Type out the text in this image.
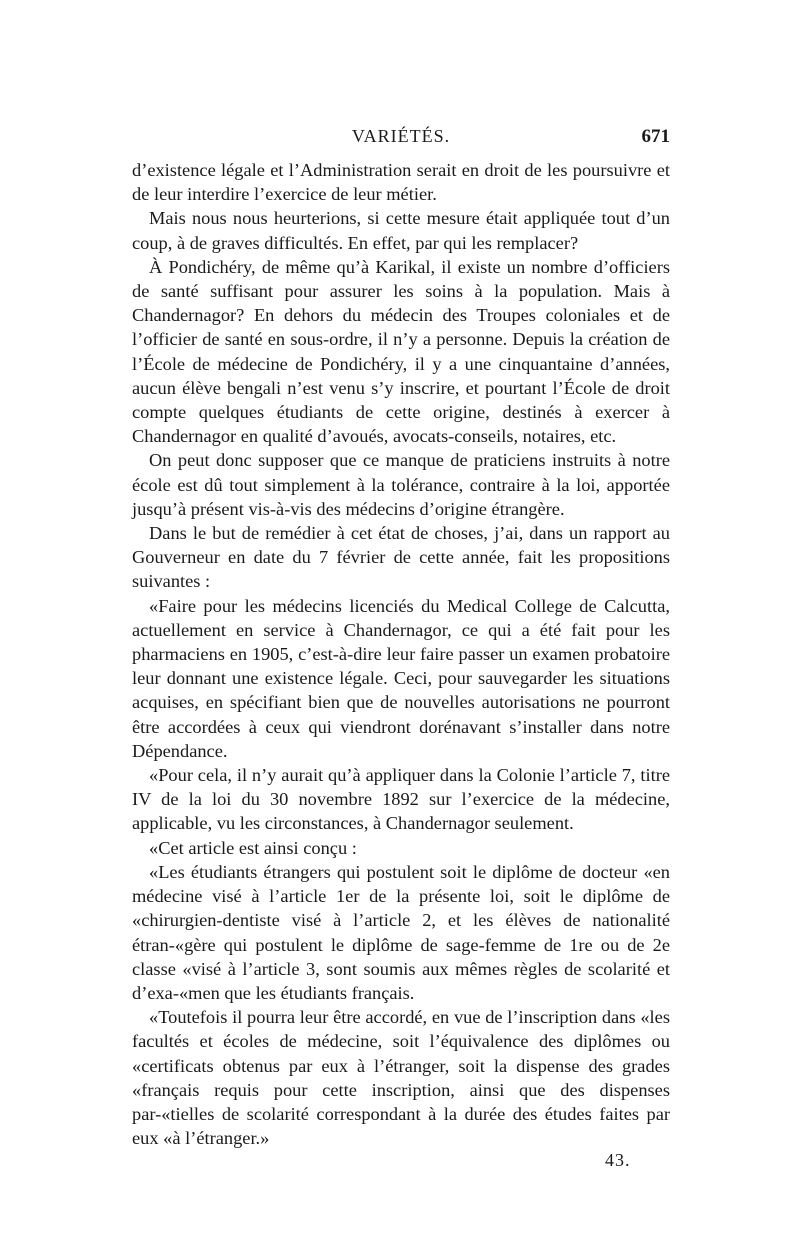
VARIÉTÉS.	671

d’existence légale et l’Administration serait en droit de les poursuivre et de leur interdire l’exercice de leur métier.

Mais nous nous heurterions, si cette mesure était appliquée tout d’un coup, à de graves difficultés. En effet, par qui les remplacer?

À Pondichéry, de même qu’à Karikal, il existe un nombre d’officiers de santé suffisant pour assurer les soins à la population. Mais à Chandernagor? En dehors du médecin des Troupes coloniales et de l’officier de santé en sous-ordre, il n’y a personne. Depuis la création de l’École de médecine de Pondichéry, il y a une cinquantaine d’années, aucun élève bengali n’est venu s’y inscrire, et pourtant l’École de droit compte quelques étudiants de cette origine, destinés à exercer à Chandernagor en qualité d’avoués, avocats-conseils, notaires, etc.

On peut donc supposer que ce manque de praticiens instruits à notre école est dû tout simplement à la tolérance, contraire à la loi, apportée jusqu’à présent vis-à-vis des médecins d’origine étrangère.

Dans le but de remédier à cet état de choses, j’ai, dans un rapport au Gouverneur en date du 7 février de cette année, fait les propositions suivantes :

«Faire pour les médecins licenciés du Medical College de Calcutta, actuellement en service à Chandernagor, ce qui a été fait pour les pharmaciens en 1905, c’est-à-dire leur faire passer un examen probatoire leur donnant une existence légale. Ceci, pour sauvegarder les situations acquises, en spécifiant bien que de nouvelles autorisations ne pourront être accordées à ceux qui viendront dorénavant s’installer dans notre Dépendance.

«Pour cela, il n’y aurait qu’à appliquer dans la Colonie l’article 7, titre IV de la loi du 30 novembre 1892 sur l’exercice de la médecine, applicable, vu les circonstances, à Chandernagor seulement.

«Cet article est ainsi conçu :

«Les étudiants étrangers qui postulent soit le diplôme de docteur «en médecine visé à l’article 1er de la présente loi, soit le diplôme de «chirurgien-dentiste visé à l’article 2, et les élèves de nationalité étran-«gère qui postulent le diplôme de sage-femme de 1re ou de 2e classe «visé à l’article 3, sont soumis aux mêmes règles de scolarité et d’exa-«men que les étudiants français.

«Toutefois il pourra leur être accordé, en vue de l’inscription dans «les facultés et écoles de médecine, soit l’équivalence des diplômes ou «certificats obtenus par eux à l’étranger, soit la dispense des grades «français requis pour cette inscription, ainsi que des dispenses par-«tielles de scolarité correspondant à la durée des études faites par eux «à l’étranger.»

43.
